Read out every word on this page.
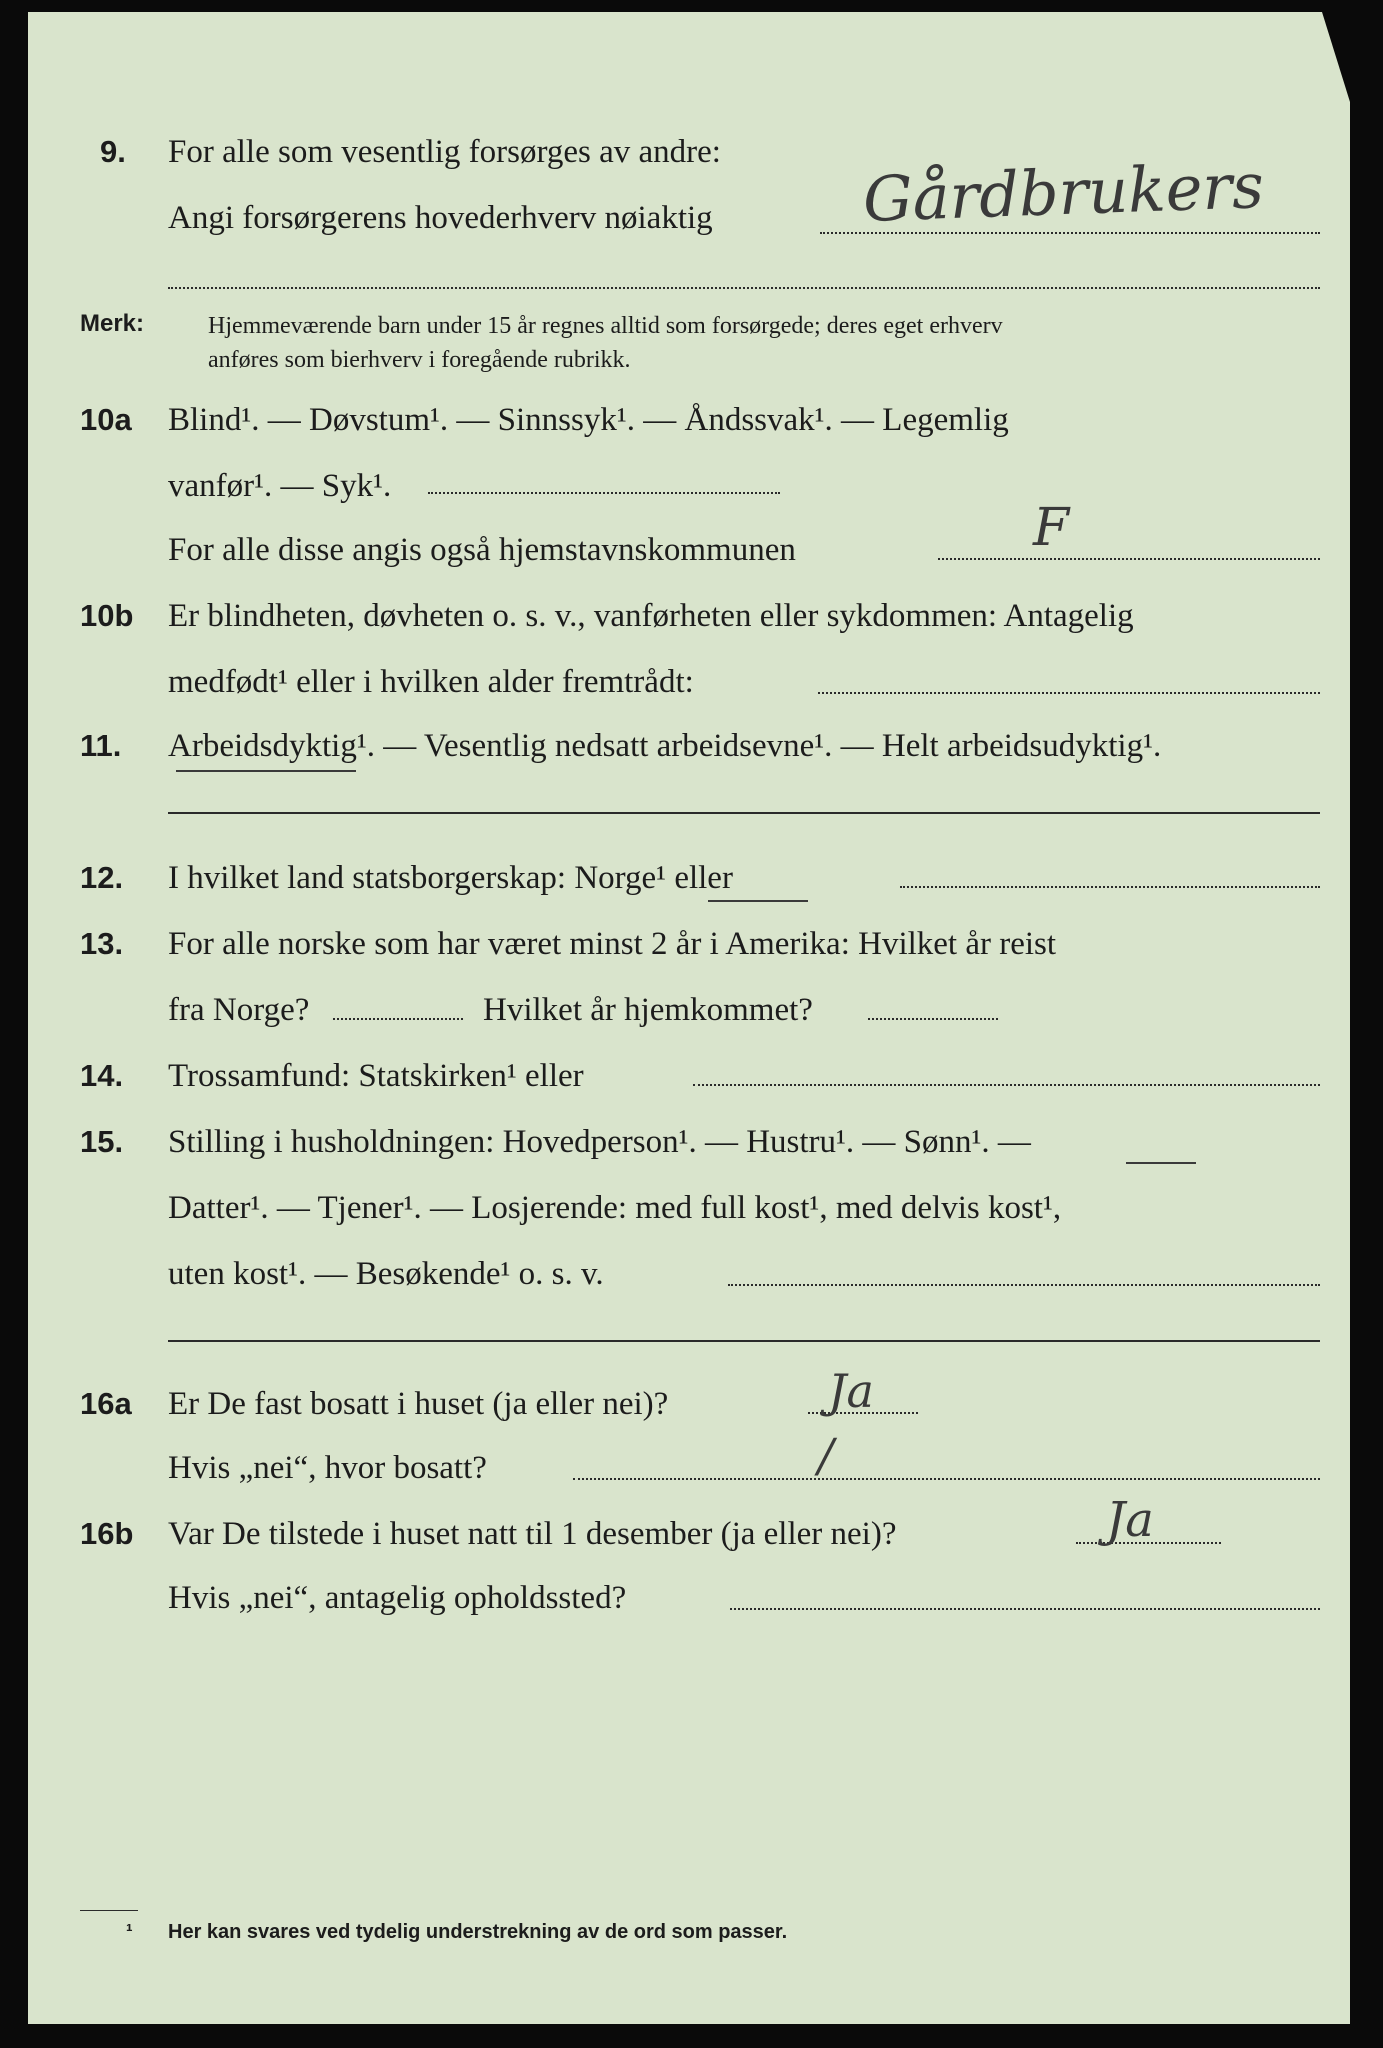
9. For alle som vesentlig forsørges av andre:
Angi forsørgerens hovederhverv nøiaktig Gårdbrukers
Merk:	Hjemmeværende barn under 15 år regnes alltid som forsørgede; deres eget erhverv
anføres som bierhverv i foregående rubrikk.
10a Blind¹. — Døvstum¹. — Sinnssyk¹. — Åndssvak¹. — Legemlig
vanfør¹. — Syk¹.
For alle disse angis også hjemstavnskommunen	F
10b Er blindheten, døvheten o. s. v., vanførheten eller sykdommen: Antagelig
medfødt¹ eller i hvilken alder fremtrådt:
11. Arbeidsdyktig¹. — Vesentlig nedsatt arbeidsevne¹. — Helt arbeidsudyktig¹.
12. I hvilket land statsborgerskap: Norge¹ eller
13. For alle norske som har været minst 2 år i Amerika: Hvilket år reist
fra Norge?	Hvilket år hjemkommet?
14. Trossamfund: Statskirken¹ eller
15. Stilling i husholdningen: Hovedperson¹. — Hustru¹. — Sønn¹. —
Datter¹. — Tjener¹. — Losjerende: med full kost¹, med delvis kost¹,
uten kost¹. — Besøkende¹ o. s. v.
16a Er De fast bosatt i huset (ja eller nei)?	Ja
Hvis „nei“, hvor bosatt?	/
16b Var De tilstede i huset natt til 1 desember (ja eller nei)?	Ja
Hvis „nei“, antagelig opholdssted?
¹ Her kan svares ved tydelig understrekning av de ord som passer.
